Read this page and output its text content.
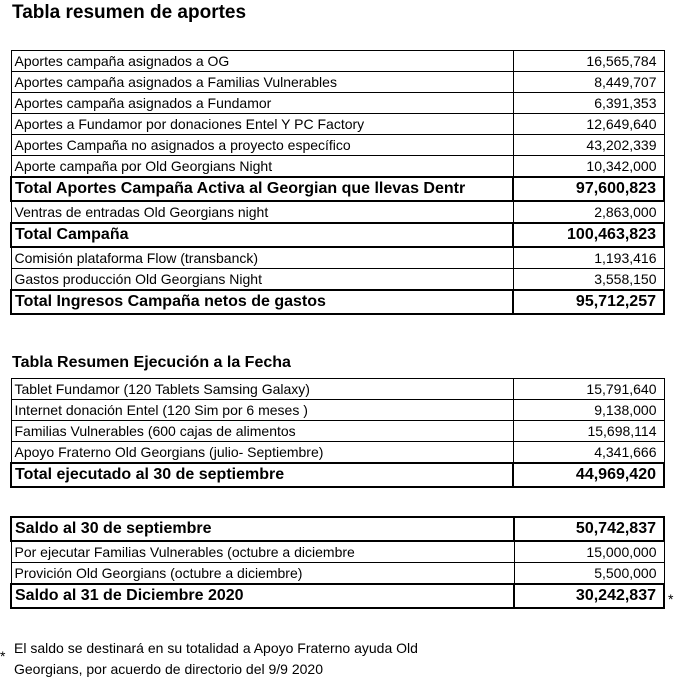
Tabla resumen de aportes
Aportes campaña asignados a OG	16,565,784
Aportes campaña asignados a Familias Vulnerables	8,449,707
Aportes campaña asignados a Fundamor	6,391,353
Aportes a Fundamor por donaciones Entel Y PC Factory	12,649,640
Aportes Campaña no asignados a proyecto específico	43,202,339
Aporte campaña por Old Georgians Night	10,342,000
Total Aportes Campaña Activa al Georgian que llevas Dentr	97,600,823
Ventras de entradas Old Georgians night	2,863,000
Total Campaña	100,463,823
Comisión plataforma Flow (transbanck)	1,193,416
Gastos producción Old Georgians Night	3,558,150
Total Ingresos Campaña netos de gastos	95,712,257
Tabla Resumen Ejecución a la Fecha
Tablet Fundamor (120 Tablets Samsing Galaxy)	15,791,640
Internet donación Entel (120 Sim por 6 meses )	9,138,000
Familias Vulnerables (600 cajas de alimentos	15,698,114
Apoyo Fraterno Old Georgians (julio- Septiembre)	4,341,666
Total ejecutado al 30 de septiembre	44,969,420
Saldo al 30 de septiembre	50,742,837
Por ejecutar Familias Vulnerables (octubre a diciembre	15,000,000
Provición Old Georgians (octubre a diciembre)	5,500,000
Saldo al 31 de Diciembre 2020	30,242,837 *
* El saldo se destinará en su totalidad a Apoyo Fraterno ayuda Old Georgians, por acuerdo de directorio del 9/9 2020
